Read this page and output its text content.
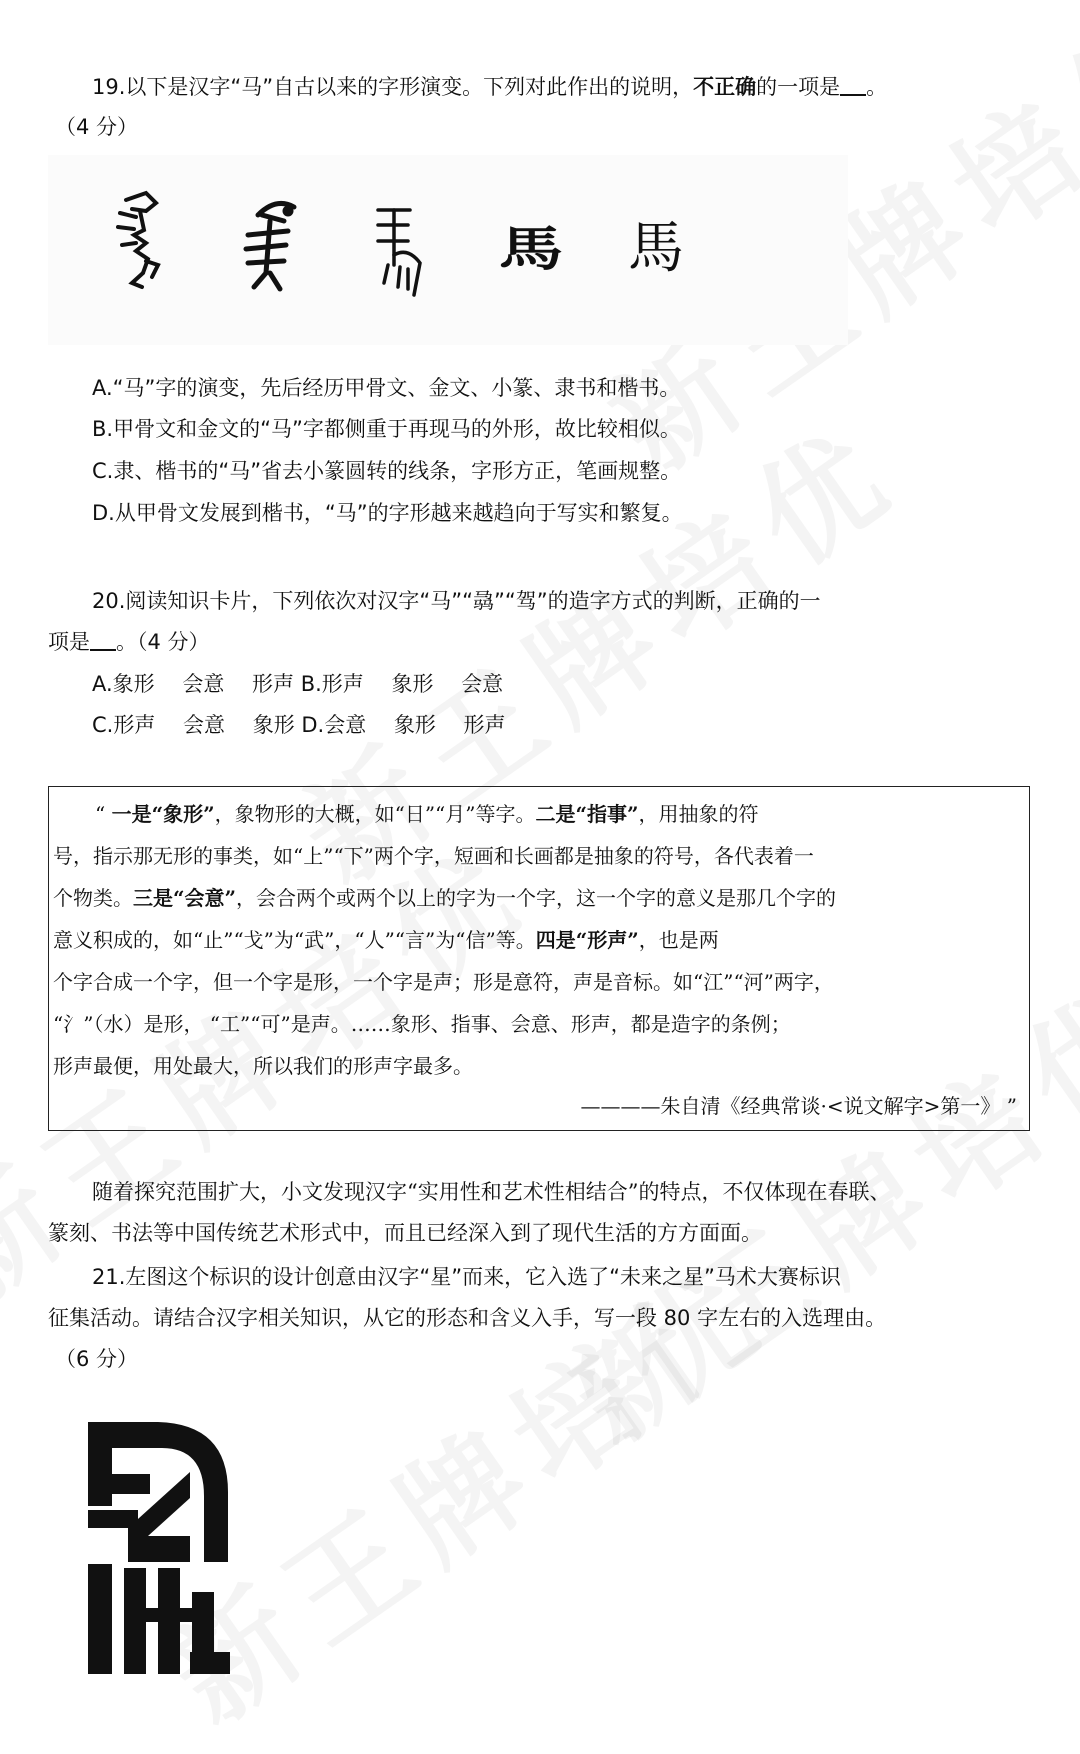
19.以下是汉字“马”自古以来的字形演变。下列对此作出的说明，不正确的一项是 。
（4 分）
馬 馬
A.“马”字的演变，先后经历甲骨文、金文、小篆、隶书和楷书。
B.甲骨文和金文的“马”字都侧重于再现马的外形，故比较相似。
C.隶、楷书的“马”省去小篆圆转的线条，字形方正，笔画规整。
D.从甲骨文发展到楷书，“马”的字形越来越趋向于写实和繁复。
20.阅读知识卡片，下列依次对汉字“马”“骉”“驾”的造字方式的判断，正确的一
项是 。（4 分）
A.象形　 会意　 形声 B.形声　 象形　 会意
C.形声　 会意　 象形 D.会意　 象形　 形声
“ 一是“象形”，象物形的大概，如“日”“月”等字。二是“指事”，用抽象的符
号，指示那无形的事类，如“上”“下”两个字，短画和长画都是抽象的符号，各代表着一
个物类。三是“会意”，会合两个或两个以上的字为一个字，这一个字的意义是那几个字的
意义积成的，如“止”“戈”为“武”，“人”“言”为“信”等。四是“形声”，也是两
个字合成一个字，但一个字是形，一个字是声；形是意符，声是音标。如“江”“河”两字，
“氵”（水）是形， “工”“可”是声。……象形、指事、会意、形声，都是造字的条例；
形声最便，用处最大，所以我们的形声字最多。
————朱自清《经典常谈·<说文解字>第一》 ”
随着探究范围扩大，小文发现汉字“实用性和艺术性相结合”的特点，不仅体现在春联、
篆刻、书法等中国传统艺术形式中，而且已经深入到了现代生活的方方面面。
21.左图这个标识的设计创意由汉字“星”而来，它入选了“未来之星”马术大赛标识
征集活动。请结合汉字相关知识，从它的形态和含义入手，写一段 80 字左右的入选理由。
（6 分）
